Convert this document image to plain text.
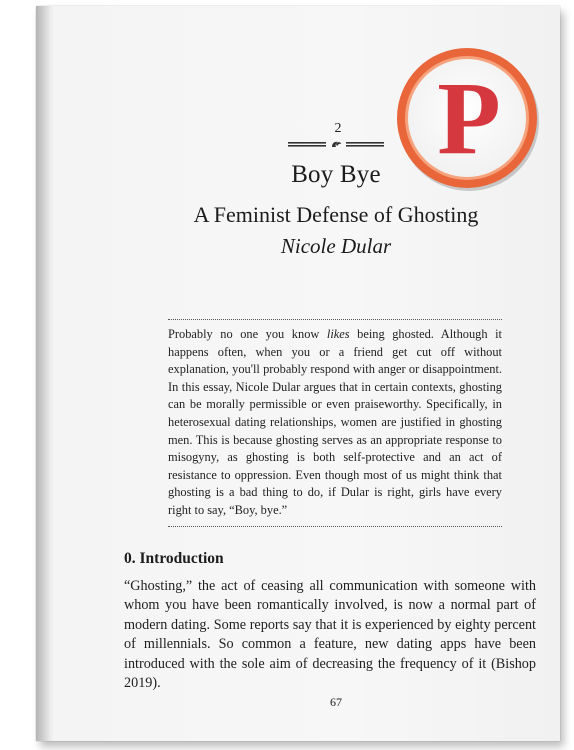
2
Boy Bye
A Feminist Defense of Ghosting
Nicole Dular
Probably no one you know likes being ghosted. Although it happens often, when you or a friend get cut off without explanation, you'll probably respond with anger or disappointment. In this essay, Nicole Dular argues that in certain contexts, ghosting can be morally permissible or even praiseworthy. Specifically, in heterosexual dating relationships, women are justified in ghosting men. This is because ghosting serves as an appropriate response to misogyny, as ghosting is both self-protective and an act of resistance to oppression. Even though most of us might think that ghosting is a bad thing to do, if Dular is right, girls have every right to say, “Boy, bye.”
0. Introduction
“Ghosting,” the act of ceasing all communication with someone with whom you have been romantically involved, is now a normal part of modern dating. Some reports say that it is experienced by eighty percent of millennials. So common a feature, new dating apps have been introduced with the sole aim of decreasing the frequency of it (Bishop 2019).
67
P
